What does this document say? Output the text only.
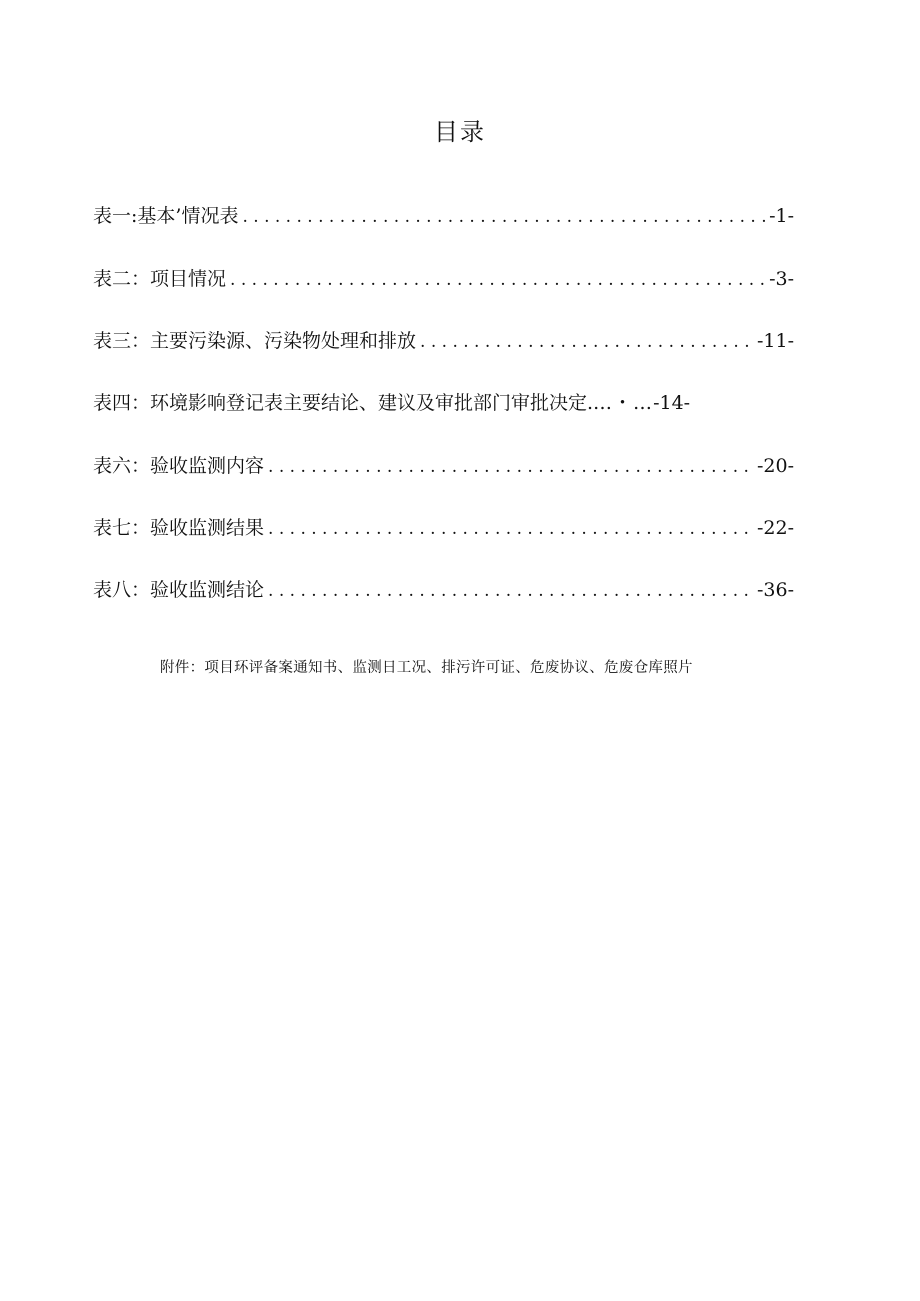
目录
表一:基本’情况表 . . .	-1-
表二：项目情况 . . .	-3-
表三：主要污染源、污染物处理和排放 . . .	-11-
表四：环境影响登记表主要结论、建议及审批部门审批决定. …・… -14-
表六：验收监测内容 . . .	-20-
表七：验收监测结果 . . .	-22-
表八：验收监测结论 . . .	-36-
附件：项目环评备案通知书、监测日工况、排污许可证、危废协议、危废仓库照片
